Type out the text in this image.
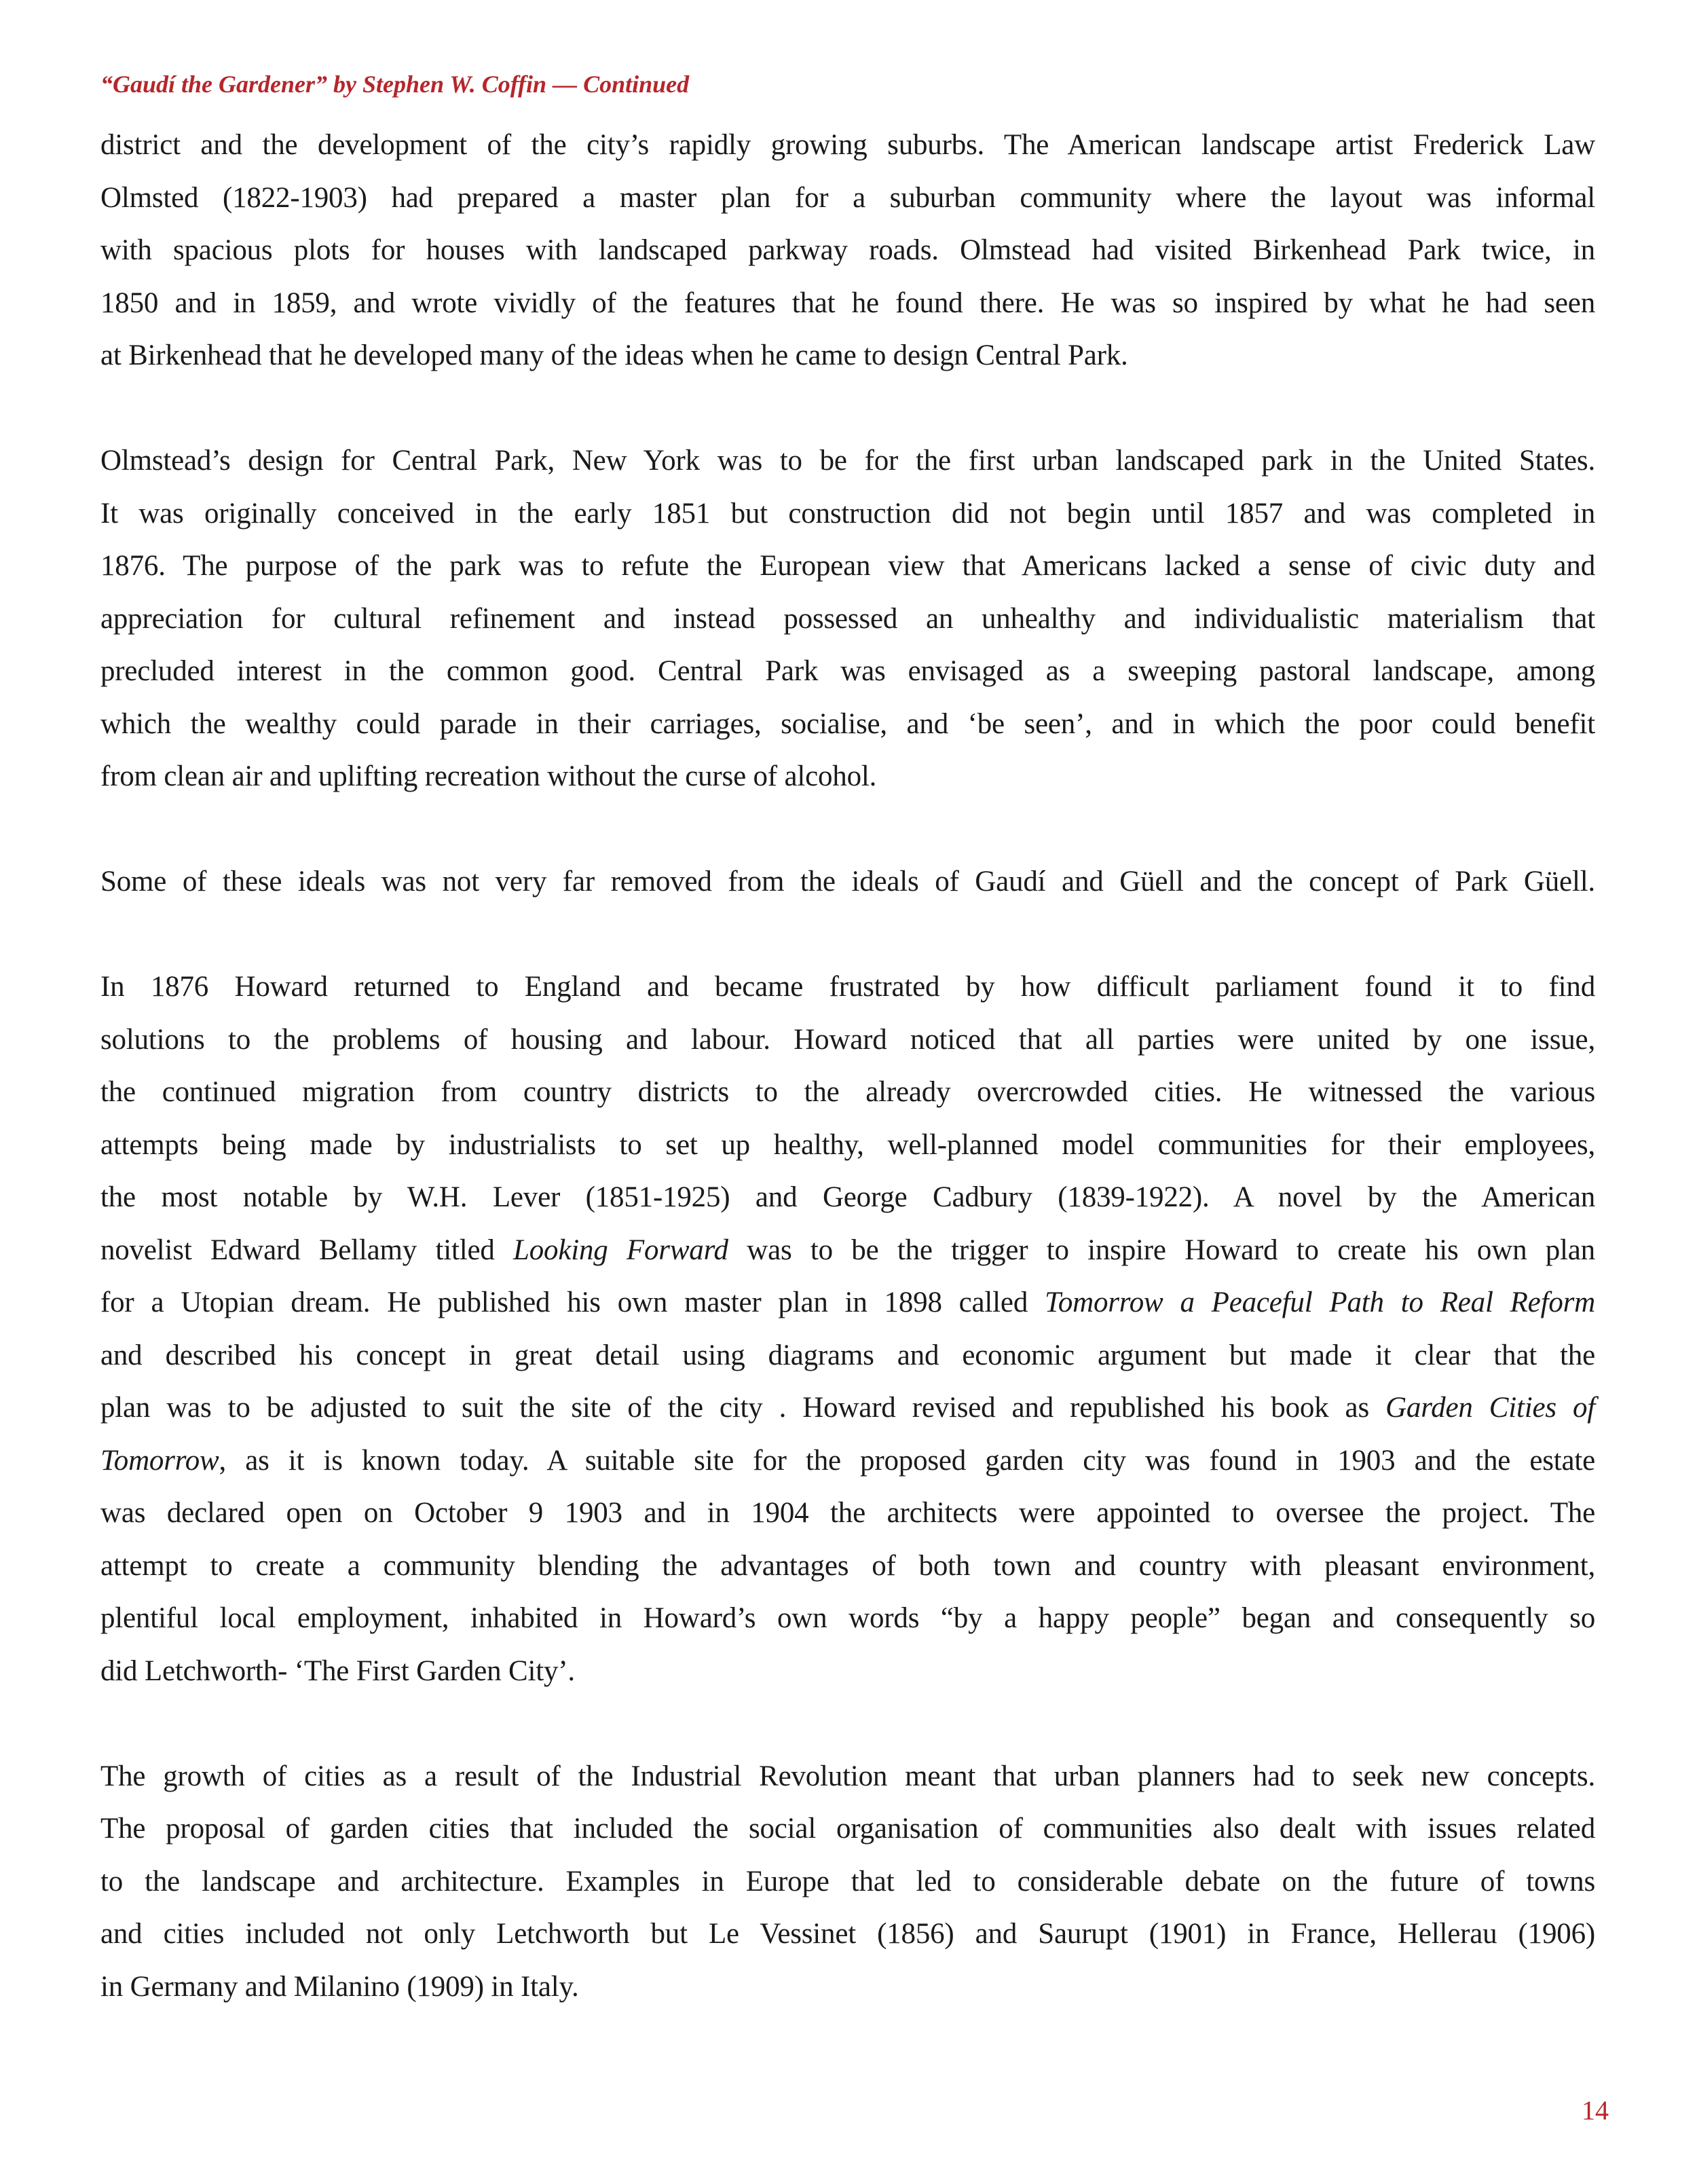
“Gaudí the Gardener” by Stephen W. Coffin — Continued
district and the development of the city’s rapidly growing suburbs. The American landscape artist Frederick Law
Olmsted (1822-1903) had prepared a master plan for a suburban community where the layout was informal
with spacious plots for houses with landscaped parkway roads. Olmstead had visited Birkenhead Park twice, in
1850 and in 1859, and wrote vividly of the features that he found there. He was so inspired by what he had seen
at Birkenhead that he developed many of the ideas when he came to design Central Park.
Olmstead’s design for Central Park, New York was to be for the first urban landscaped park in the United States.
It was originally conceived in the early 1851 but construction did not begin until 1857 and was completed in
1876. The purpose of the park was to refute the European view that Americans lacked a sense of civic duty and
appreciation for cultural refinement and instead possessed an unhealthy and individualistic materialism that
precluded interest in the common good. Central Park was envisaged as a sweeping pastoral landscape, among
which the wealthy could parade in their carriages, socialise, and ‘be seen’, and in which the poor could benefit
from clean air and uplifting recreation without the curse of alcohol.
Some of these ideals was not very far removed from the ideals of Gaudí and Güell and the concept of Park Güell.
In 1876 Howard returned to England and became frustrated by how difficult parliament found it to find
solutions to the problems of housing and labour. Howard noticed that all parties were united by one issue,
the continued migration from country districts to the already overcrowded cities. He witnessed the various
attempts being made by industrialists to set up healthy, well-planned model communities for their employees,
the most notable by W.H. Lever (1851-1925) and George Cadbury (1839-1922). A novel by the American
novelist Edward Bellamy titled Looking Forward was to be the trigger to inspire Howard to create his own plan
for a Utopian dream. He published his own master plan in 1898 called Tomorrow a Peaceful Path to Real Reform
and described his concept in great detail using diagrams and economic argument but made it clear that the
plan was to be adjusted to suit the site of the city . Howard revised and republished his book as Garden Cities of
Tomorrow, as it is known today. A suitable site for the proposed garden city was found in 1903 and the estate
was declared open on October 9 1903 and in 1904 the architects were appointed to oversee the project. The
attempt to create a community blending the advantages of both town and country with pleasant environment,
plentiful local employment, inhabited in Howard’s own words “by a happy people” began and consequently so
did Letchworth- ‘The First Garden City’.
The growth of cities as a result of the Industrial Revolution meant that urban planners had to seek new concepts.
The proposal of garden cities that included the social organisation of communities also dealt with issues related
to the landscape and architecture. Examples in Europe that led to considerable debate on the future of towns
and cities included not only Letchworth but Le Vessinet (1856) and Saurupt (1901) in France, Hellerau (1906)
in Germany and Milanino (1909) in Italy.
14
